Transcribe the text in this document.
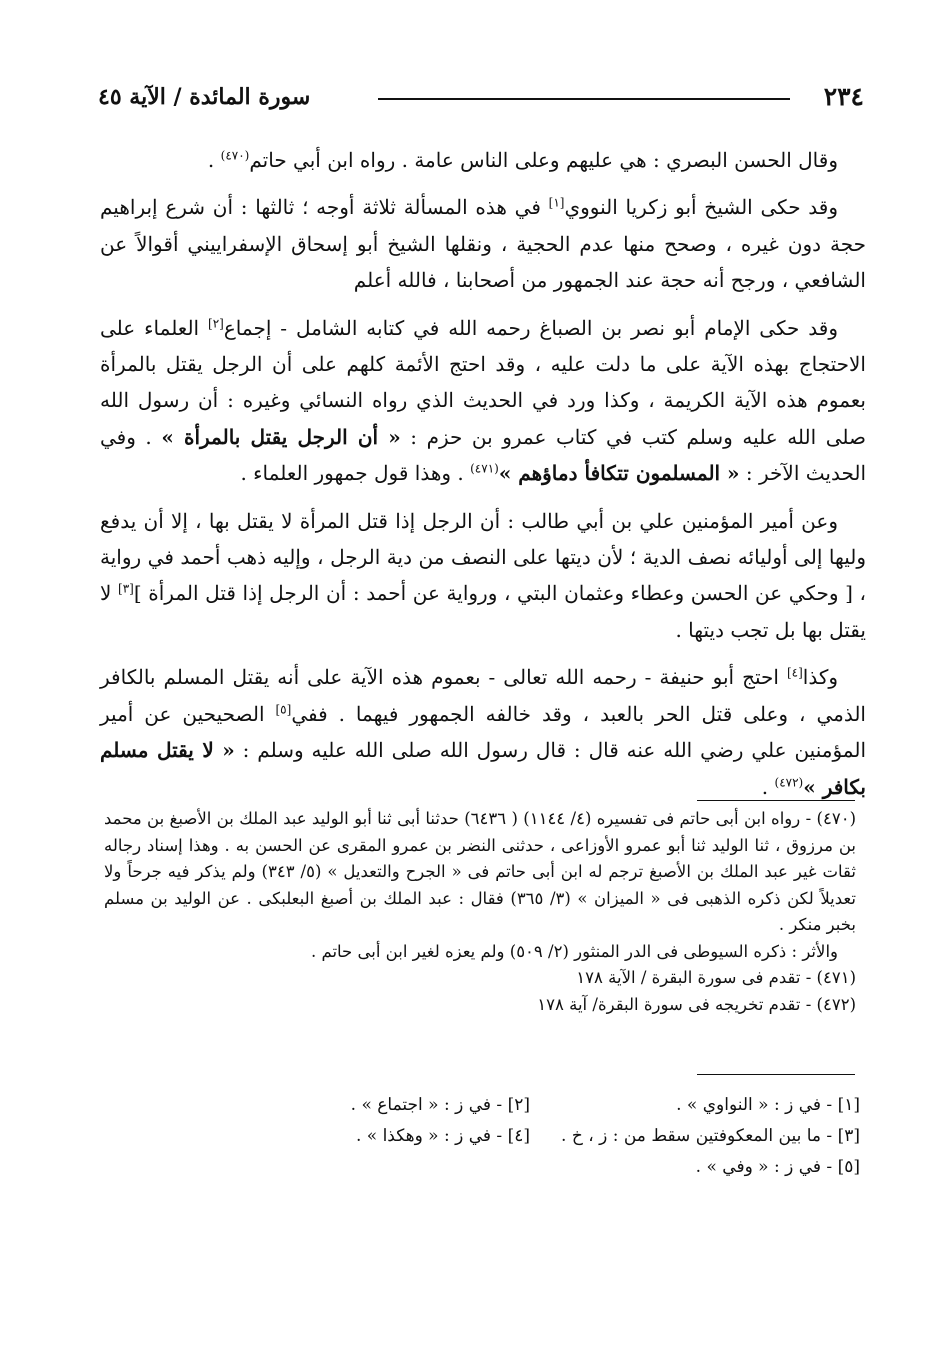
٢٣٤
سورة المائدة / الآية ٤٥

وقال الحسن البصري : هي عليهم وعلى الناس عامة . رواه ابن أبي حاتم$^{(٤٧٠)}$ .

وقد حكى الشيخ أبو زكريا النووي[١] في هذه المسألة ثلاثة أوجه ؛ ثالثها : أن شرع إبراهيم حجة دون غيره ، وصحح منها عدم الحجية ، ونقلها الشيخ أبو إسحاق الإسفراييني أقوالاً عن الشافعي ، ورجح أنه حجة عند الجمهور من أصحابنا ، فالله أعلم

وقد حكى الإمام أبو نصر بن الصباغ رحمه الله في كتابه الشامل - إجماع[٢] العلماء على الاحتجاج بهذه الآية على ما دلت عليه ، وقد احتج الأئمة كلهم على أن الرجل يقتل بالمرأة بعموم هذه الآية الكريمة ، وكذا ورد في الحديث الذي رواه النسائي وغيره : أن رسول الله صلى الله عليه وسلم كتب في كتاب عمرو بن حزم : « أن الرجل يقتل بالمرأة » . وفي الحديث الآخر : « المسلمون تتكافأ دماؤهم »$^{(٤٧١)}$ . وهذا قول جمهور العلماء .

وعن أمير المؤمنين علي بن أبي طالب : أن الرجل إذا قتل المرأة لا يقتل بها ، إلا أن يدفع وليها إلى أوليائه نصف الدية ؛ لأن ديتها على النصف من دية الرجل ، وإليه ذهب أحمد في رواية ، [ وحكي عن الحسن وعطاء وعثمان البتي ، ورواية عن أحمد : أن الرجل إذا قتل المرأة ][٣] لا يقتل بها بل تجب ديتها .

وكذا[٤] احتج أبو حنيفة - رحمه الله تعالى - بعموم هذه الآية على أنه يقتل المسلم بالكافر الذمي ، وعلى قتل الحر بالعبد ، وقد خالفه الجمهور فيهما . ففي[٥] الصحيحين عن أمير المؤمنين علي رضي الله عنه قال : قال رسول الله صلى الله عليه وسلم : « لا يقتل مسلم بكافر »$^{(٤٧٢)}$ .

(٤٧٠) - رواه ابن أبى حاتم فى تفسيره (٤/ ١١٤٤) ( ٦٤٣٦) حدثنا أبى ثنا أبو الوليد عبد الملك بن الأصبغ بن محمد بن مرزوق ، ثنا الوليد ثنا أبو عمرو الأوزاعى ، حدثنى النضر بن عمرو المقرى عن الحسن به . وهذا إسناد رجاله ثقات غير عبد الملك بن الأصبغ ترجم له ابن أبى حاتم فى « الجرح والتعديل » (٥/ ٣٤٣) ولم يذكر فيه جرحاً ولا تعديلاً لكن ذكره الذهبى فى « الميزان » (٣/ ٣٦٥) فقال : عبد الملك بن أصبغ البعلبكى . عن الوليد بن مسلم بخبر منكر .

والأثر : ذكره السيوطى فى الدر المنثور (٢/ ٥٠٩) ولم يعزه لغير ابن أبى حاتم .

(٤٧١) - تقدم فى سورة البقرة / الآية ١٧٨

(٤٧٢) - تقدم تخريجه فى سورة البقرة/ آية ١٧٨

[١] - في ز : « النواوي » .
[٢] - في ز : « اجتماع » .
[٣] - ما بين المعكوفتين سقط من : ز ، خ .
[٤] - في ز : « وهكذا » .
[٥] - في ز : « وفي » .
